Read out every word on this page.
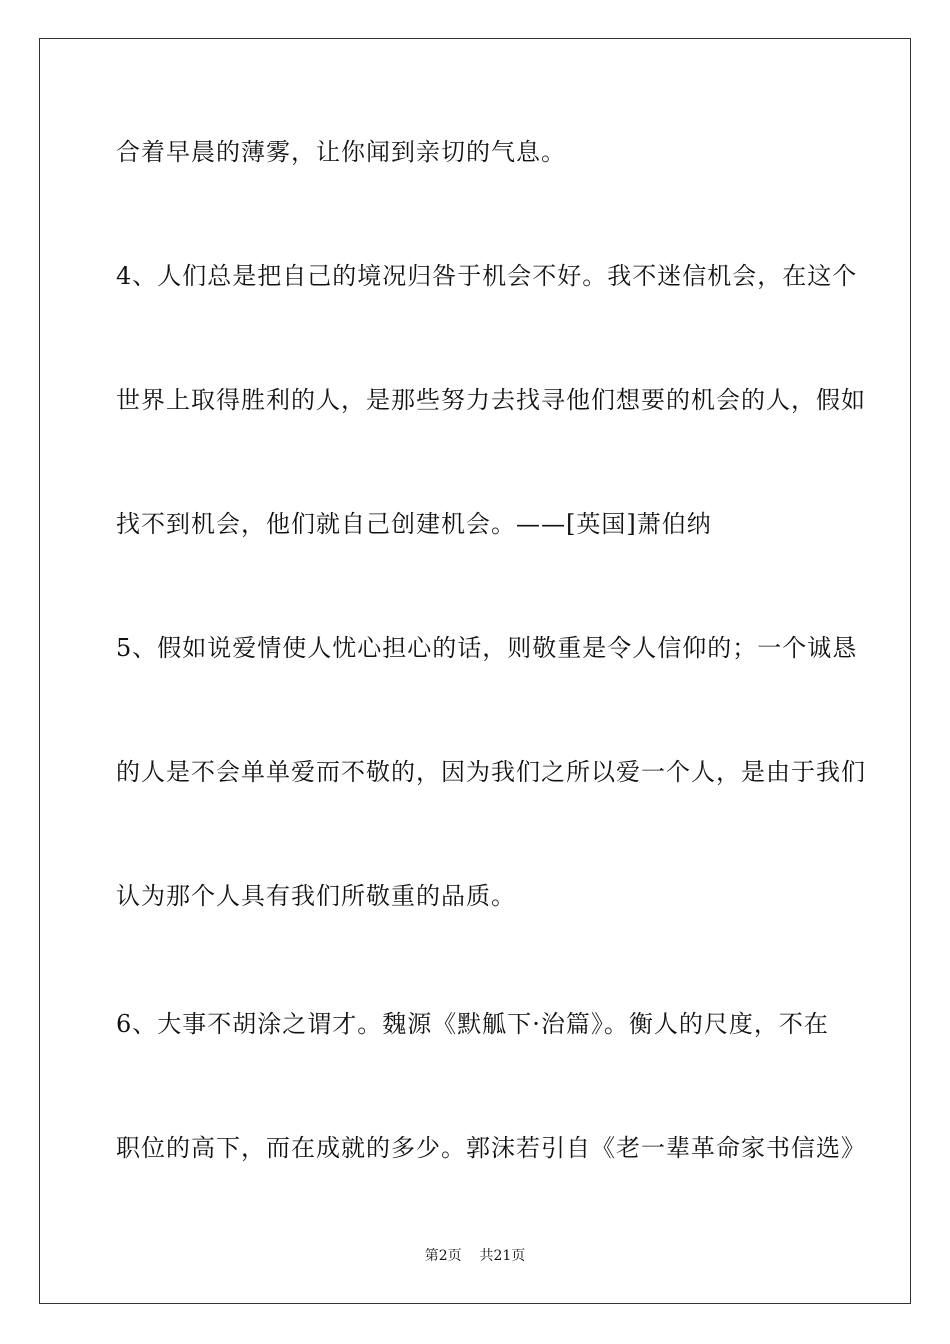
合着早晨的薄雾，让你闻到亲切的气息。
4、人们总是把自己的境况归咎于机会不好。我不迷信机会，在这个
世界上取得胜利的人，是那些努力去找寻他们想要的机会的人，假如
找不到机会，他们就自己创建机会。——[英国]萧伯纳
5、假如说爱情使人忧心担心的话，则敬重是令人信仰的；一个诚恳
的人是不会单单爱而不敬的，因为我们之所以爱一个人，是由于我们
认为那个人具有我们所敬重的品质。
6、大事不胡涂之谓才。魏源《默觚下·治篇》。衡人的尺度，不在
职位的高下，而在成就的多少。郭沫若引自《老一辈革命家书信选》
第2页 共21页
